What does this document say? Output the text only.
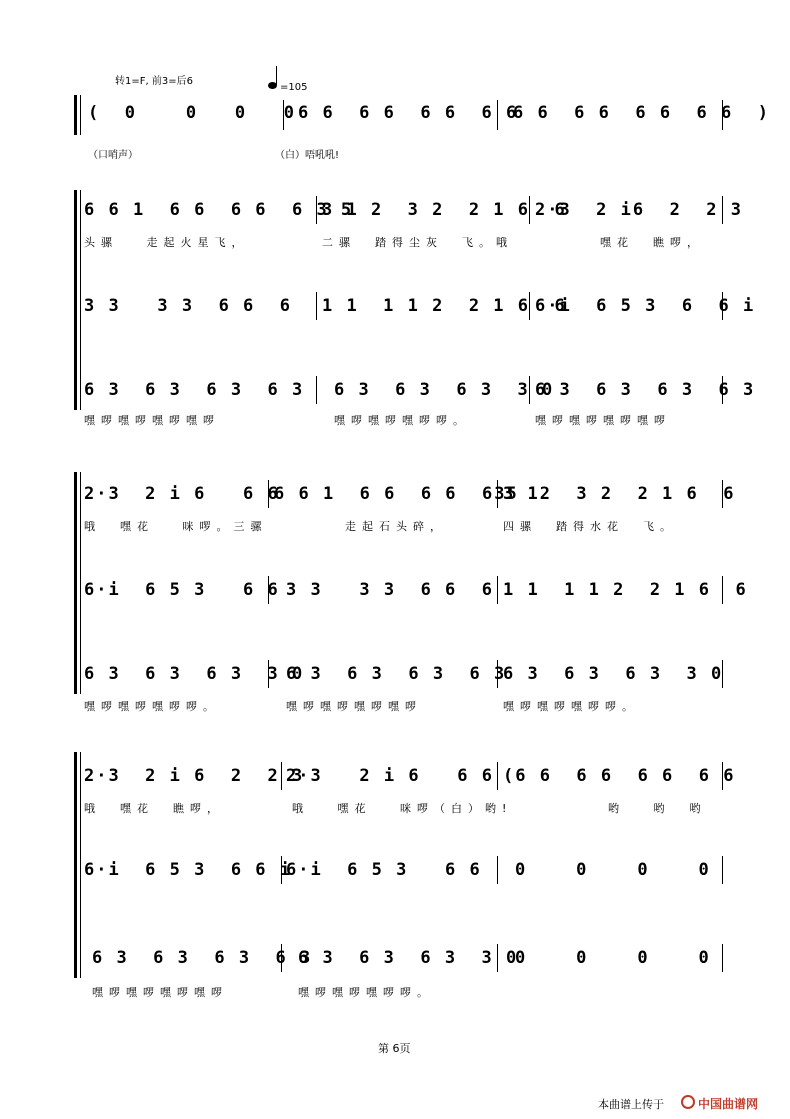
转1=F, 前3=后6
=105
(  0    0   0   0 6 6  6 6  6 6  6 6
6 6  6 6  6 6  6 6  )
（口哨声）	（白）唔吼吼!
6 6 1  6 6  6 6  6 3 5
3 1 2  3 2  2 1 6  6
2·3  2 i6  2  2 3
头骡   走起火星飞，	二骡  踏得尘灰  飞。哦	嘿花  瞧啰，
3 3   3 3  6 6  6 1 1  1 1 2  2 1 6  6
6·i  6 5 3  6  6 i
6 3  6 3  6 3  6 3 6 3  6 3  6 3  3 0
6 3  6 3  6 3  6 3
嘿啰嘿啰嘿啰嘿啰	嘿啰嘿啰嘿啰啰。	嘿啰嘿啰嘿啰嘿啰
2·3  2 i 6   6 6
6 6 1  6 6  6 6  635
3 12  3 2  2 1 6  6
哦  嘿花   咪啰。三骡	走起石头碎，	四骡  踏得水花  飞。
6·i  6 5 3   6 6 3 3   3 3  6 6  6 1 1  1 1 2  2 1 6  6
6 3  6 3  6 3  3 0
6 3  6 3  6 3  6 3
6 3  6 3  6 3  3 0
嘿啰嘿啰嘿啰啰。	嘿啰嘿啰嘿啰嘿啰	嘿啰嘿啰嘿啰啰。
2·3  2 i 6  2  2 3
2·3   2 i 6   6 6 (6 6  6 6  6 6  6 6
哦  嘿花  瞧啰，	哦   嘿花   咪啰（白）哟!	哟   哟  哟
6·i  6 5 3  6 6 i
6·i  6 5 3   6 6 0    0    0    0
6 3  6 3  6 3  6 3
6 3  6 3  6 3  3 0
0    0    0    0
嘿啰嘿啰嘿啰嘿啰	嘿啰嘿啰嘿啰啰。
第 6页
本曲谱上传于	中国曲谱网
